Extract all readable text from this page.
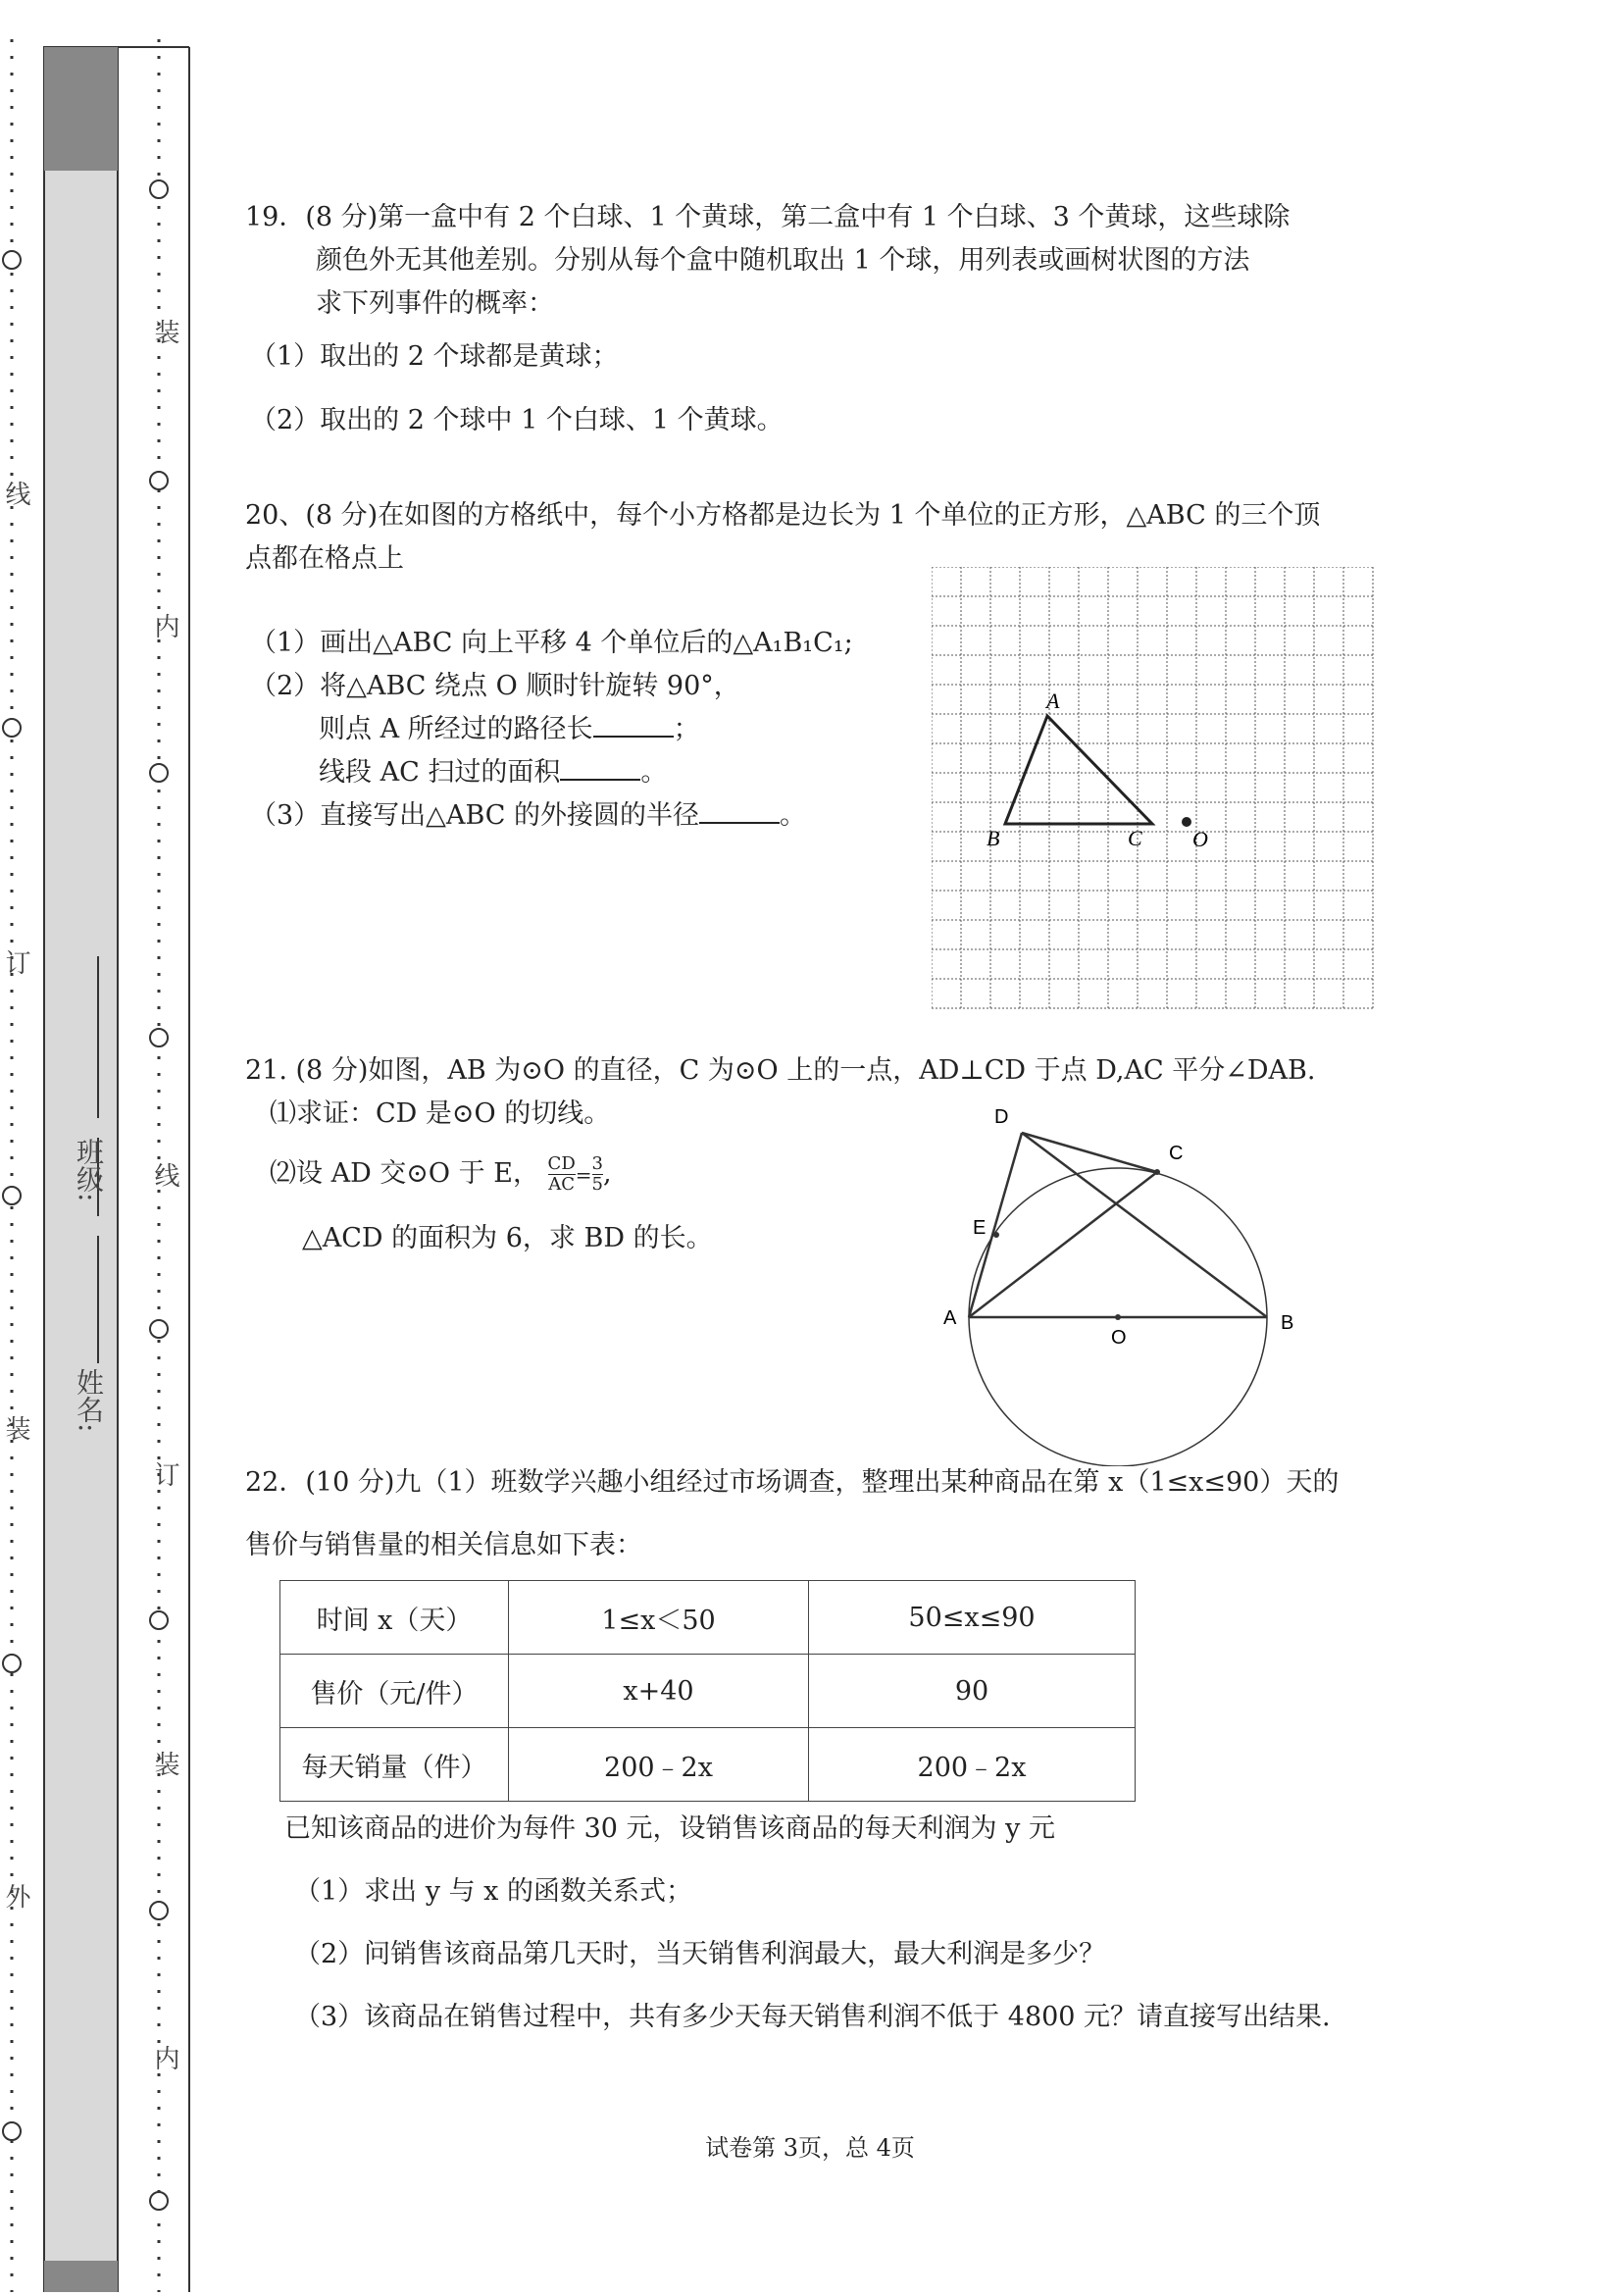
线
订
装
外
装
内
线
订
装
内
姓名:
班级:
19．(8 分)第一盒中有 2 个白球、1 个黄球，第二盒中有 1 个白球、3 个黄球，这些球除
颜色外无其他差别。分别从每个盒中随机取出 1 个球，用列表或画树状图的方法
求下列事件的概率：
（1）取出的 2 个球都是黄球；
（2）取出的 2 个球中 1 个白球、1 个黄球。
20、(8 分)在如图的方格纸中，每个小方格都是边长为 1 个单位的正方形，△ABC 的三个顶
点都在格点上
（1）画出△ABC 向上平移 4 个单位后的△A₁B₁C₁;
（2）将△ABC 绕点 O 顺时针旋转 90°，
则点 A 所经过的路径长	；
线段 AC 扫过的面积	。
（3）直接写出△ABC 的外接圆的半径	。
A
B	C O
21. (8 分)如图，AB 为⊙O 的直径，C 为⊙O 上的一点，AD⊥CD 于点 D,AC 平分∠DAB.
⑴求证：CD 是⊙O 的切线。
⑵设 AD 交⊙O 于 E， $\frac{CD}{AC} = \frac{3}{5}$ ,
△ACD 的面积为 6，求 BD 的长。
D
C
E
A
O
B
22．(10 分)九（1）班数学兴趣小组经过市场调查，整理出某种商品在第 x（1≤x≤90）天的
售价与销售量的相关信息如下表：
时间 x（天）	1≤x＜50	50≤x≤90
售价（元/件）	x+40	90
每天销量（件）	200﹣2x	200﹣2x
已知该商品的进价为每件 30 元，设销售该商品的每天利润为 y 元
（1）求出 y 与 x 的函数关系式；
（2）问销售该商品第几天时，当天销售利润最大，最大利润是多少？
（3）该商品在销售过程中，共有多少天每天销售利润不低于 4800 元？请直接写出结果.
试卷第 3页，总 4页
